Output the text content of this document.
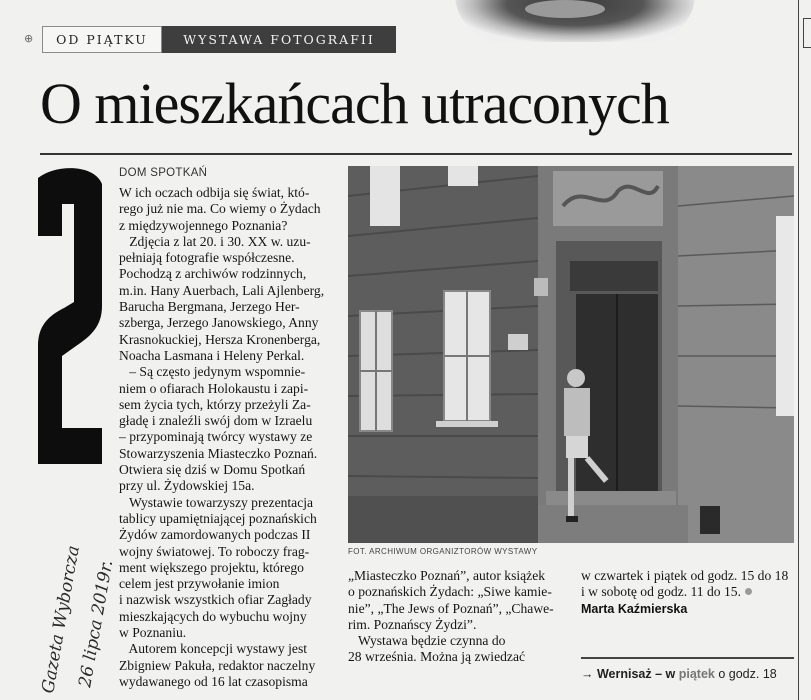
⊕	OD PIĄTKU	WYSTAWA FOTOGRAFII
O mieszkańcach utraconych
DOM SPOTKAŃ
W ich oczach odbija się świat, któ-
rego już nie ma. Co wiemy o Żydach
z międzywojennego Poznania?
Zdjęcia z lat 20. i 30. XX w. uzu-
pełniają fotografie współczesne.
Pochodzą z archiwów rodzinnych,
m.in. Hany Auerbach, Lali Ajlenberg,
Barucha Bergmana, Jerzego Her-
szberga, Jerzego Janowskiego, Anny
Krasnokuckiej, Hersza Kronenberga,
Noacha Lasmana i Heleny Perkal.
– Są często jedynym wspomnie-
niem o ofiarach Holokaustu i zapi-
sem życia tych, którzy przeżyli Za-
gładę i znaleźli swój dom w Izraelu
– przypominają twórcy wystawy ze
Stowarzyszenia Miasteczko Poznań.
Otwiera się dziś w Domu Spotkań
przy ul. Żydowskiej 15a.
Wystawie towarzyszy prezentacja
tablicy upamiętniającej poznańskich
Żydów zamordowanych podczas II
wojny światowej. To roboczy frag-
ment większego projektu, którego
celem jest przywołanie imion
i nazwisk wszystkich ofiar Zagłady
mieszkających do wybuchu wojny
w Poznaniu.
Autorem koncepcji wystawy jest
Zbigniew Pakuła, redaktor naczelny
wydawanego od 16 lat czasopisma
FOT. ARCHIWUM ORGANIZTORÓW WYSTAWY
„Miasteczko Poznań”, autor książek
o poznańskich Żydach: „Siwe kamie-
nie”, „The Jews of Poznań”, „Chawe-
rim. Poznańscy Żydzi”.
Wystawa będzie czynna do
28 września. Można ją zwiedzać
w czwartek i piątek od godz. 15 do 18
i w sobotę od godz. 11 do 15.
Marta Kaźmierska
→ Wernisaż – w piątek o godz. 18
Gazeta Wyborcza
26 lipca 2019r.
